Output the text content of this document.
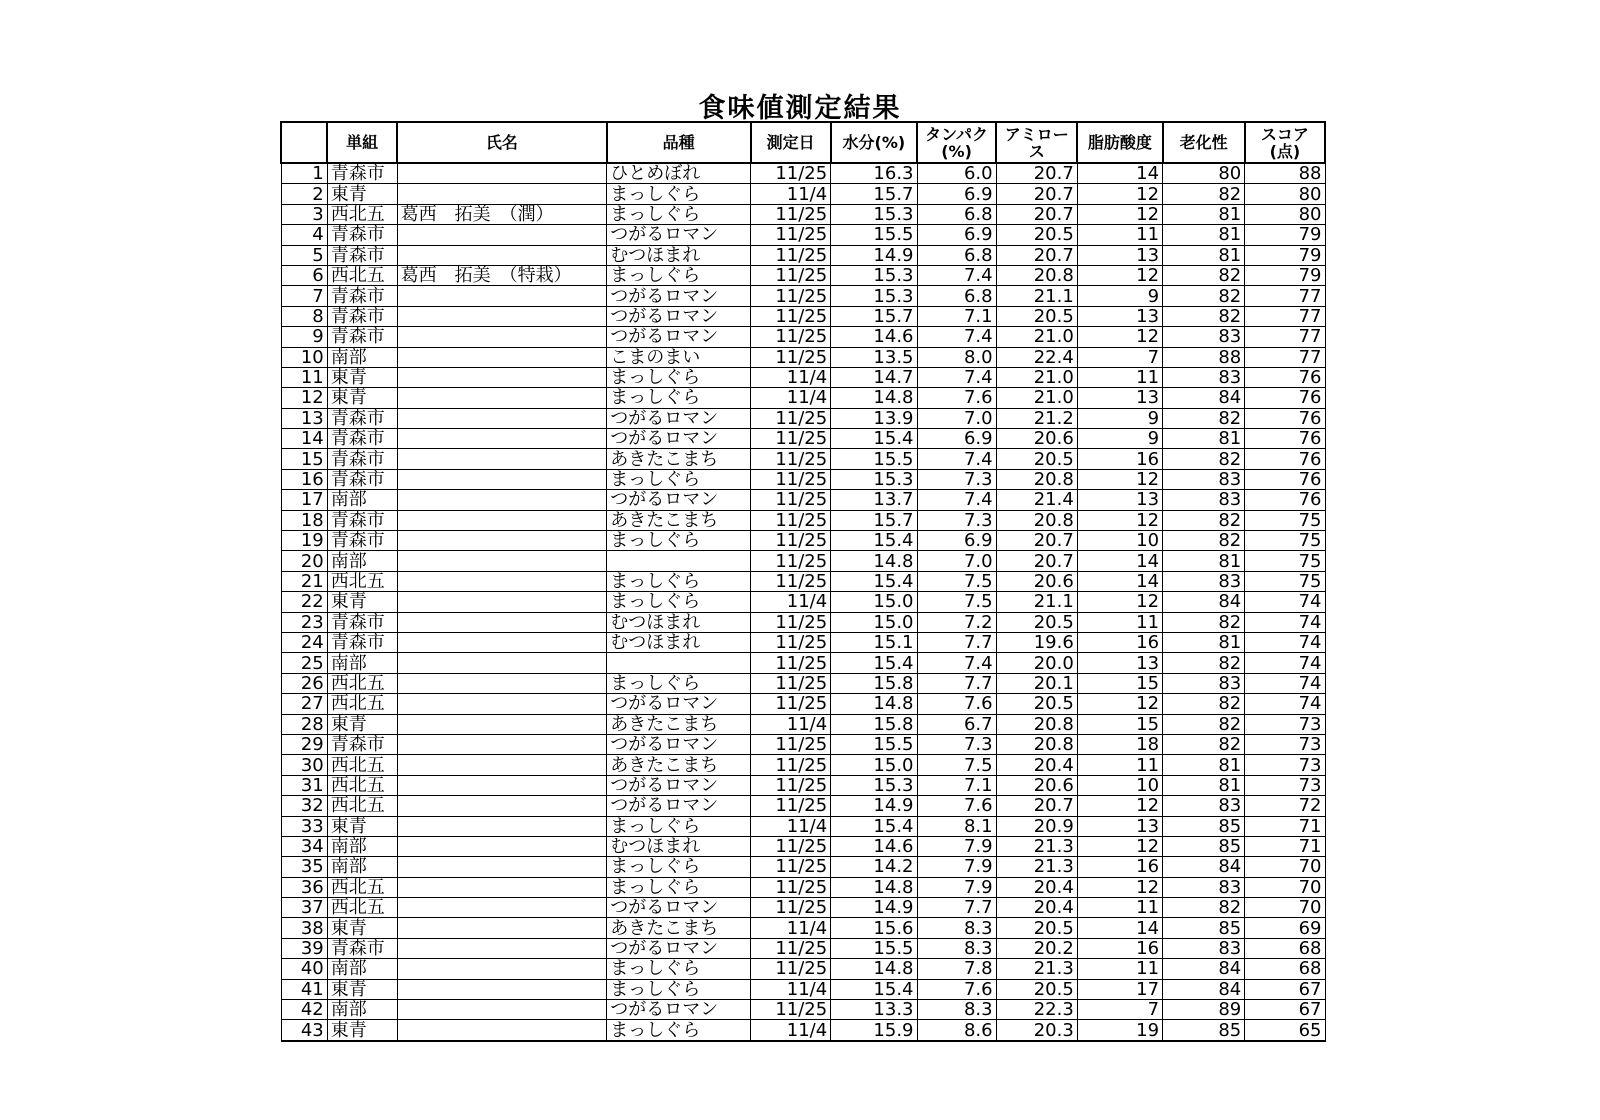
食味値測定結果
	単組	氏名	品種	測定日	水分(%)	タンパク(%)	アミロース	脂肪酸度	老化性	スコア(点)
1	青森市		ひとめぼれ	11/25	16.3	6.0	20.7	14	80	88
2	東青		まっしぐら	11/4	15.7	6.9	20.7	12	82	80
3	西北五	葛西　拓美　（潤）	まっしぐら	11/25	15.3	6.8	20.7	12	81	80
4	青森市		つがるロマン	11/25	15.5	6.9	20.5	11	81	79
5	青森市		むつほまれ	11/25	14.9	6.8	20.7	13	81	79
6	西北五	葛西　拓美　（特栽）	まっしぐら	11/25	15.3	7.4	20.8	12	82	79
7	青森市		つがるロマン	11/25	15.3	6.8	21.1	9	82	77
8	青森市		つがるロマン	11/25	15.7	7.1	20.5	13	82	77
9	青森市		つがるロマン	11/25	14.6	7.4	21.0	12	83	77
10	南部		こまのまい	11/25	13.5	8.0	22.4	7	88	77
11	東青		まっしぐら	11/4	14.7	7.4	21.0	11	83	76
12	東青		まっしぐら	11/4	14.8	7.6	21.0	13	84	76
13	青森市		つがるロマン	11/25	13.9	7.0	21.2	9	82	76
14	青森市		つがるロマン	11/25	15.4	6.9	20.6	9	81	76
15	青森市		あきたこまち	11/25	15.5	7.4	20.5	16	82	76
16	青森市		まっしぐら	11/25	15.3	7.3	20.8	12	83	76
17	南部		つがるロマン	11/25	13.7	7.4	21.4	13	83	76
18	青森市		あきたこまち	11/25	15.7	7.3	20.8	12	82	75
19	青森市		まっしぐら	11/25	15.4	6.9	20.7	10	82	75
20	南部			11/25	14.8	7.0	20.7	14	81	75
21	西北五		まっしぐら	11/25	15.4	7.5	20.6	14	83	75
22	東青		まっしぐら	11/4	15.0	7.5	21.1	12	84	74
23	青森市		むつほまれ	11/25	15.0	7.2	20.5	11	82	74
24	青森市		むつほまれ	11/25	15.1	7.7	19.6	16	81	74
25	南部			11/25	15.4	7.4	20.0	13	82	74
26	西北五		まっしぐら	11/25	15.8	7.7	20.1	15	83	74
27	西北五		つがるロマン	11/25	14.8	7.6	20.5	12	82	74
28	東青		あきたこまち	11/4	15.8	6.7	20.8	15	82	73
29	青森市		つがるロマン	11/25	15.5	7.3	20.8	18	82	73
30	西北五		あきたこまち	11/25	15.0	7.5	20.4	11	81	73
31	西北五		つがるロマン	11/25	15.3	7.1	20.6	10	81	73
32	西北五		つがるロマン	11/25	14.9	7.6	20.7	12	83	72
33	東青		まっしぐら	11/4	15.4	8.1	20.9	13	85	71
34	南部		むつほまれ	11/25	14.6	7.9	21.3	12	85	71
35	南部		まっしぐら	11/25	14.2	7.9	21.3	16	84	70
36	西北五		まっしぐら	11/25	14.8	7.9	20.4	12	83	70
37	西北五		つがるロマン	11/25	14.9	7.7	20.4	11	82	70
38	東青		あきたこまち	11/4	15.6	8.3	20.5	14	85	69
39	青森市		つがるロマン	11/25	15.5	8.3	20.2	16	83	68
40	南部		まっしぐら	11/25	14.8	7.8	21.3	11	84	68
41	東青		まっしぐら	11/4	15.4	7.6	20.5	17	84	67
42	南部		つがるロマン	11/25	13.3	8.3	22.3	7	89	67
43	東青		まっしぐら	11/4	15.9	8.6	20.3	19	85	65
